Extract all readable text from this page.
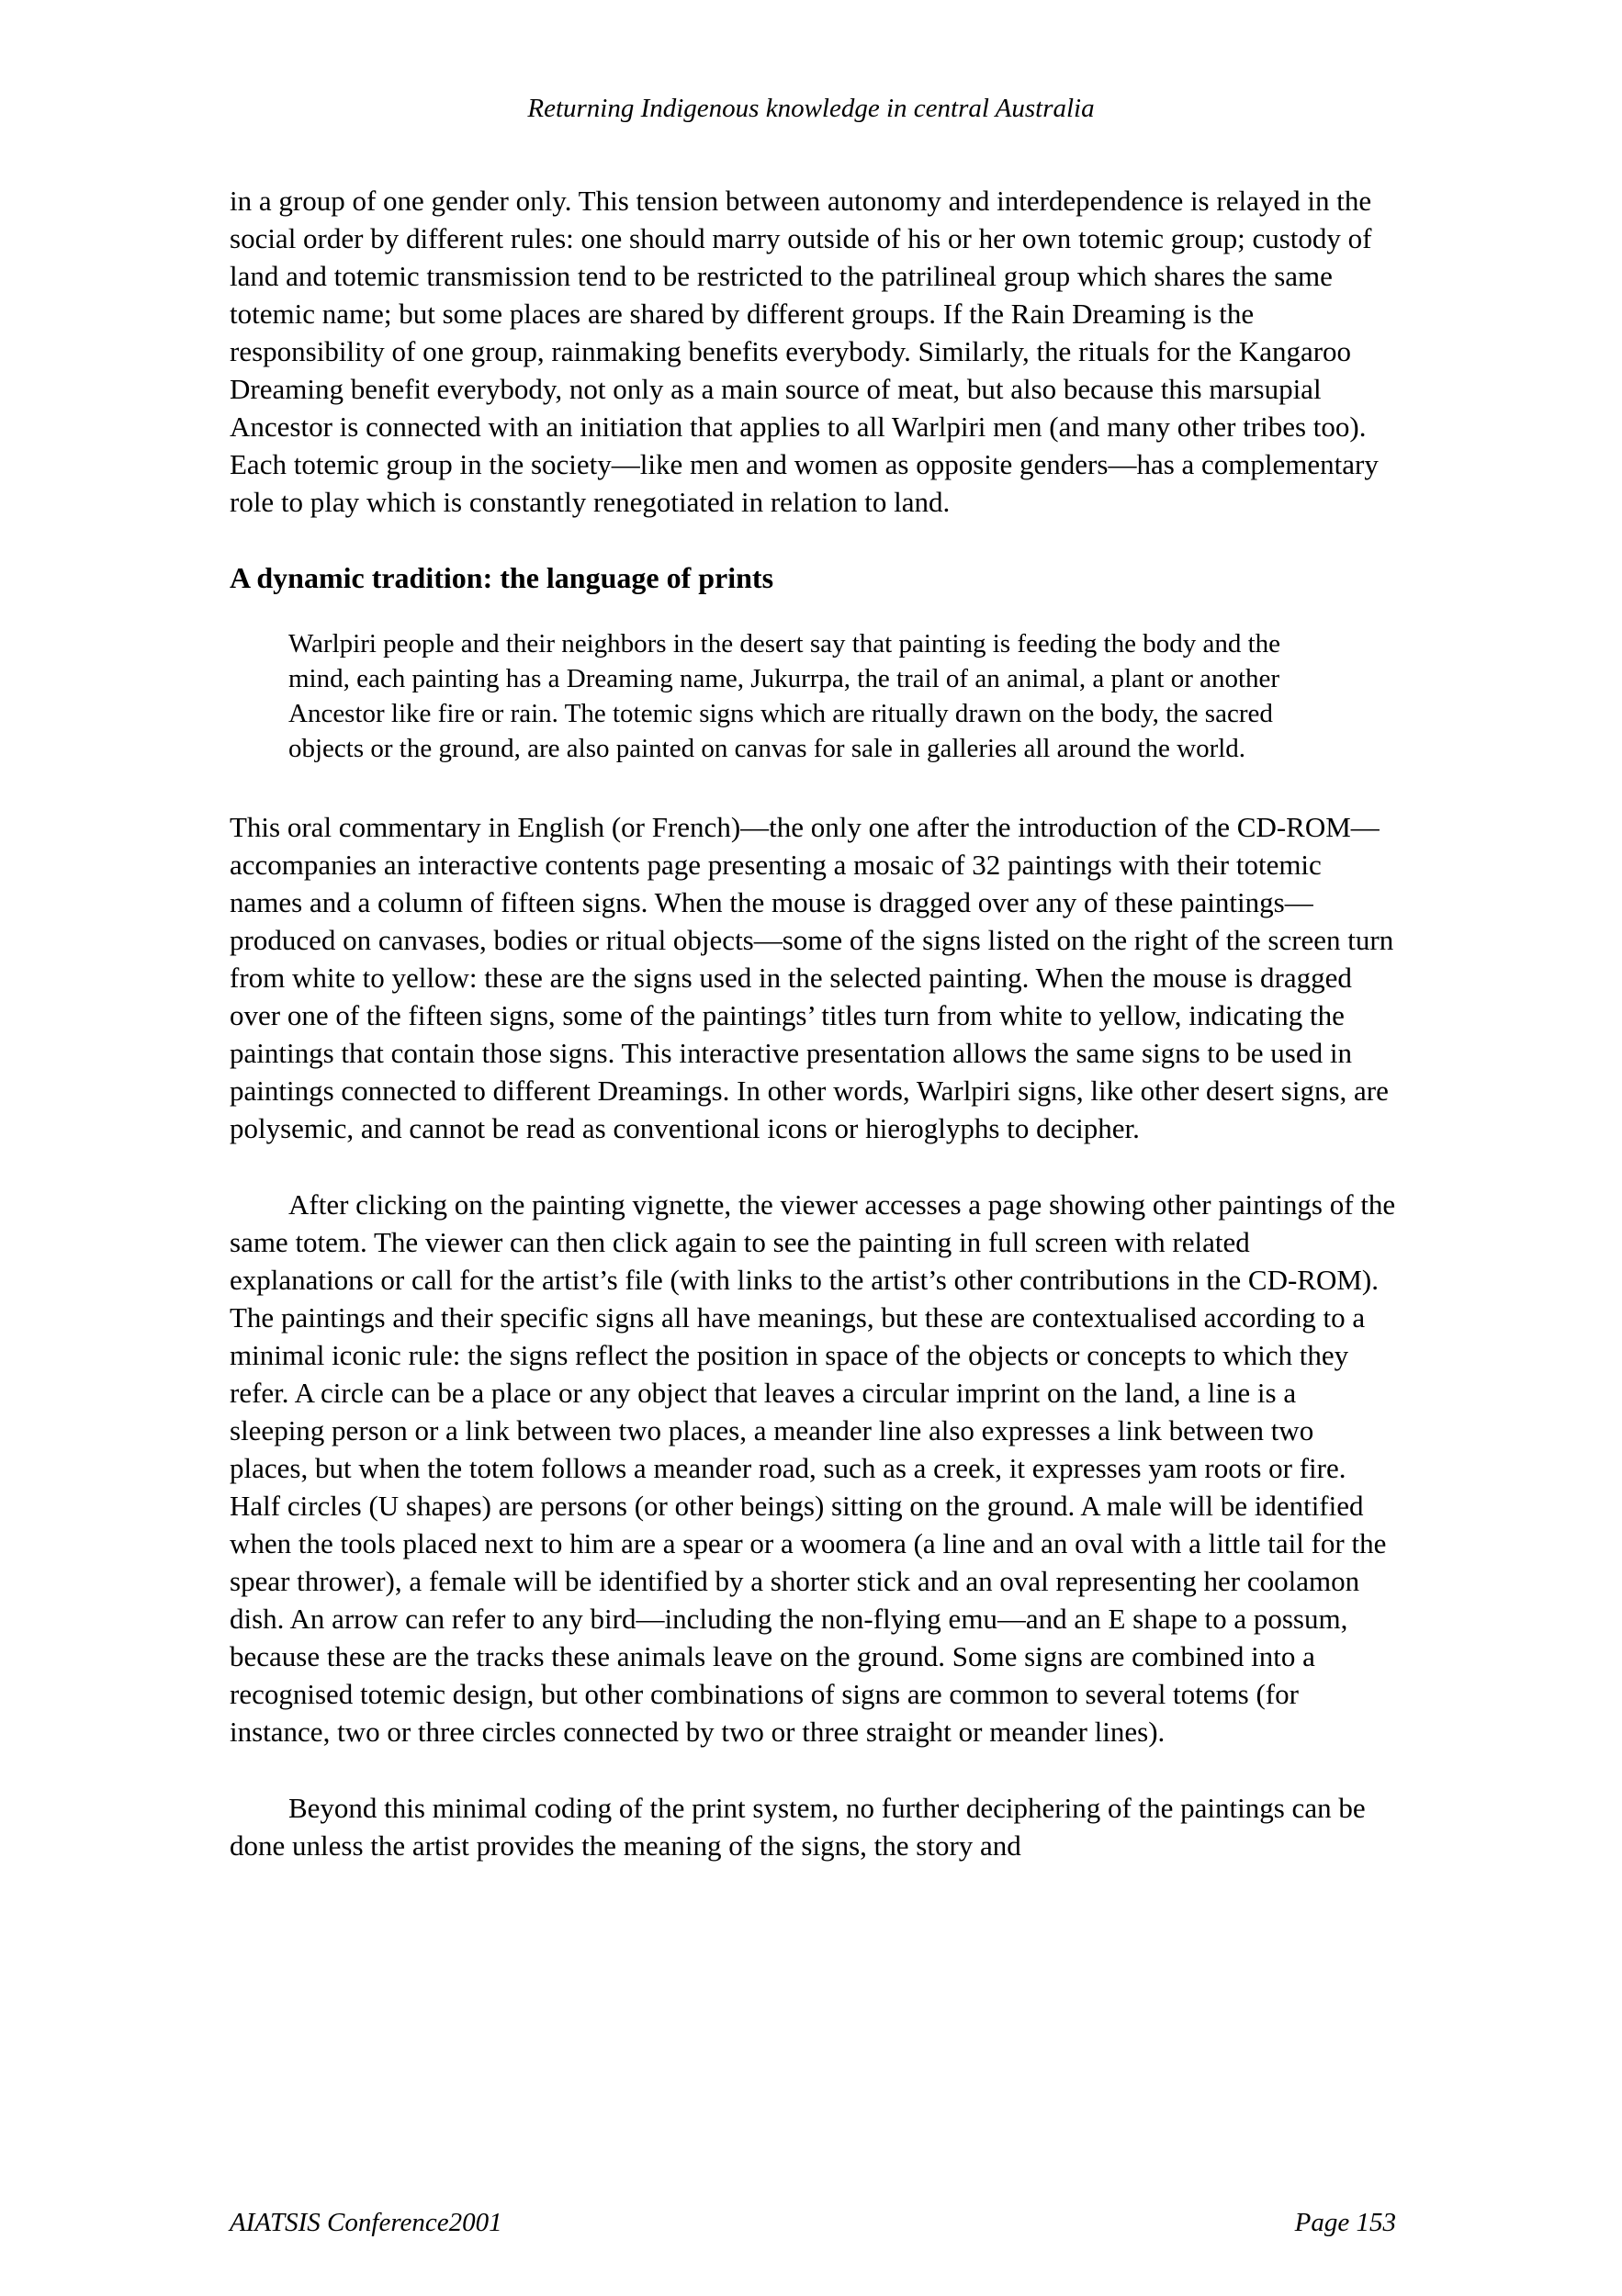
Returning Indigenous knowledge in central Australia

in a group of one gender only. This tension between autonomy and interdependence is relayed in the social order by different rules: one should marry outside of his or her own totemic group; custody of land and totemic transmission tend to be restricted to the patrilineal group which shares the same totemic name; but some places are shared by different groups. If the Rain Dreaming is the responsibility of one group, rainmaking benefits everybody. Similarly, the rituals for the Kangaroo Dreaming benefit everybody, not only as a main source of meat, but also because this marsupial Ancestor is connected with an initiation that applies to all Warlpiri men (and many other tribes too). Each totemic group in the society—like men and women as opposite genders—has a complementary role to play which is constantly renegotiated in relation to land.

A dynamic tradition: the language of prints
Warlpiri people and their neighbors in the desert say that painting is feeding the body and the mind, each painting has a Dreaming name, Jukurrpa, the trail of an animal, a plant or another Ancestor like fire or rain. The totemic signs which are ritually drawn on the body, the sacred objects or the ground, are also painted on canvas for sale in galleries all around the world.

This oral commentary in English (or French)—the only one after the introduction of the CD-ROM—accompanies an interactive contents page presenting a mosaic of 32 paintings with their totemic names and a column of fifteen signs. When the mouse is dragged over any of these paintings—produced on canvases, bodies or ritual objects—some of the signs listed on the right of the screen turn from white to yellow: these are the signs used in the selected painting. When the mouse is dragged over one of the fifteen signs, some of the paintings’ titles turn from white to yellow, indicating the paintings that contain those signs. This interactive presentation allows the same signs to be used in paintings connected to different Dreamings. In other words, Warlpiri signs, like other desert signs, are polysemic, and cannot be read as conventional icons or hieroglyphs to decipher.

After clicking on the painting vignette, the viewer accesses a page showing other paintings of the same totem. The viewer can then click again to see the painting in full screen with related explanations or call for the artist’s file (with links to the artist’s other contributions in the CD-ROM). The paintings and their specific signs all have meanings, but these are contextualised according to a minimal iconic rule: the signs reflect the position in space of the objects or concepts to which they refer. A circle can be a place or any object that leaves a circular imprint on the land, a line is a sleeping person or a link between two places, a meander line also expresses a link between two places, but when the totem follows a meander road, such as a creek, it expresses yam roots or fire. Half circles (U shapes) are persons (or other beings) sitting on the ground. A male will be identified when the tools placed next to him are a spear or a woomera (a line and an oval with a little tail for the spear thrower), a female will be identified by a shorter stick and an oval representing her coolamon dish. An arrow can refer to any bird—including the non-flying emu—and an E shape to a possum, because these are the tracks these animals leave on the ground. Some signs are combined into a recognised totemic design, but other combinations of signs are common to several totems (for instance, two or three circles connected by two or three straight or meander lines).

Beyond this minimal coding of the print system, no further deciphering of the paintings can be done unless the artist provides the meaning of the signs, the story and

AIATSIS Conference2001	Page 153
